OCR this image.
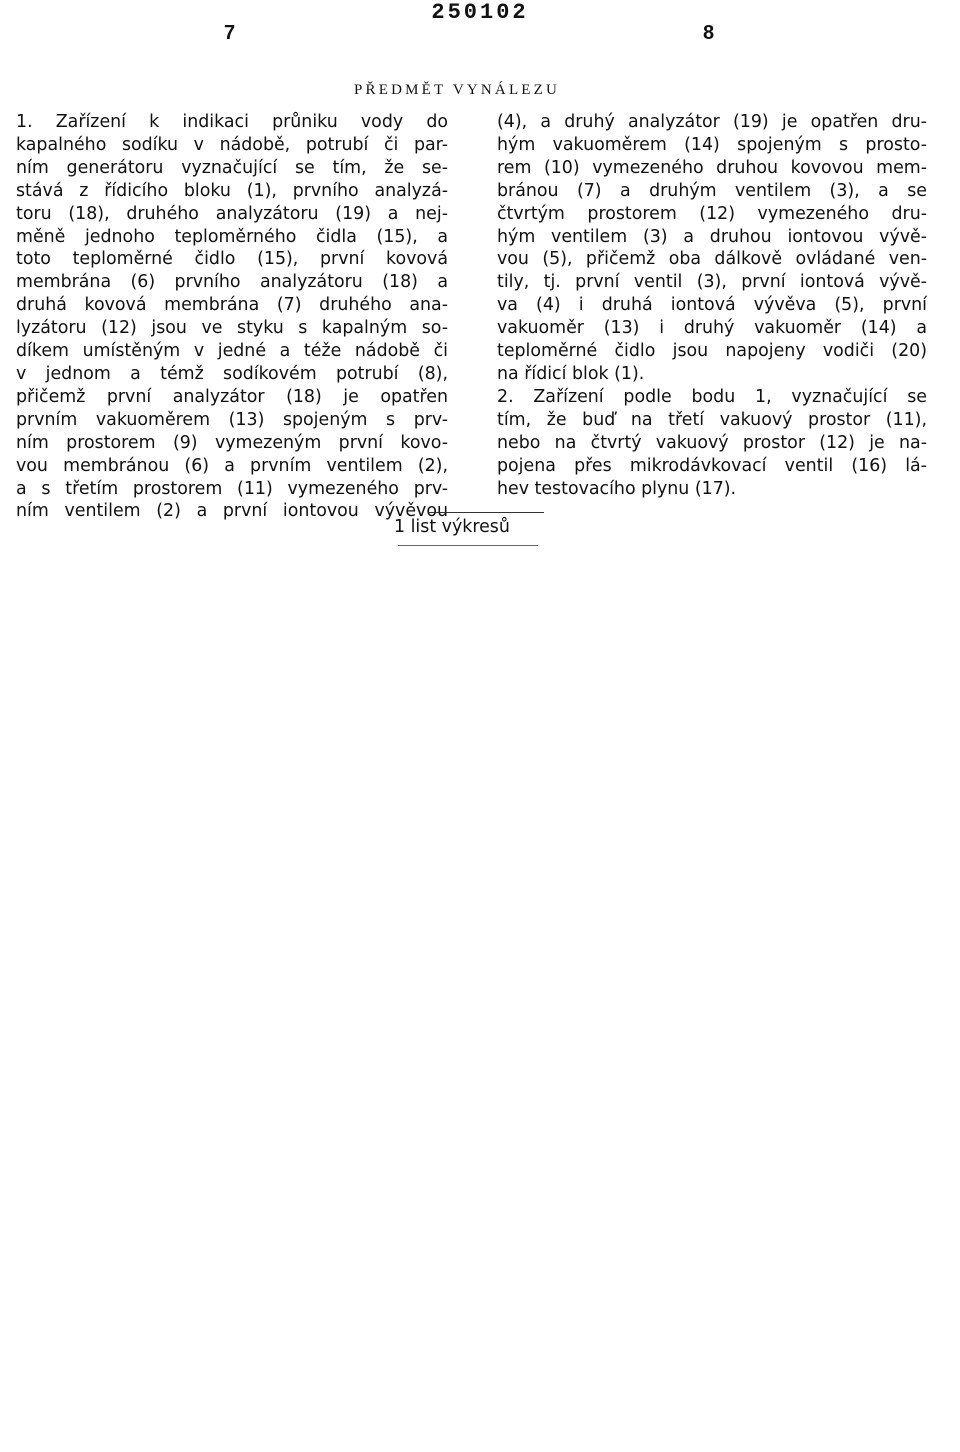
250102
7	8
PŘEDMĚT VYNÁLEZU
1. Zařízení k indikaci průniku vody do
kapalného sodíku v nádobě, potrubí či par-
ním generátoru vyznačující se tím, že se-
stává z řídicího bloku (1), prvního analyzá-
toru (18), druhého analyzátoru (19) a nej-
měně jednoho teploměrného čidla (15), a
toto teploměrné čidlo (15), první kovová
membrána (6) prvního analyzátoru (18) a
druhá kovová membrána (7) druhého ana-
lyzátoru (12) jsou ve styku s kapalným so-
díkem umístěným v jedné a téže nádobě či
v jednom a témž sodíkovém potrubí (8),
přičemž první analyzátor (18) je opatřen
prvním vakuoměrem (13) spojeným s prv-
ním prostorem (9) vymezeným první kovo-
vou membránou (6) a prvním ventilem (2),
a s třetím prostorem (11) vymezeného prv-
ním ventilem (2) a první iontovou vývěvou
(4), a druhý analyzátor (19) je opatřen dru-
hým vakuoměrem (14) spojeným s prosto-
rem (10) vymezeného druhou kovovou mem-
bránou (7) a druhým ventilem (3), a se
čtvrtým prostorem (12) vymezeného dru-
hým ventilem (3) a druhou iontovou vývě-
vou (5), přičemž oba dálkově ovládané ven-
tily, tj. první ventil (3), první iontová vývě-
va (4) i druhá iontová vývěva (5), první
vakuoměr (13) i druhý vakuoměr (14) a
teploměrné čidlo jsou napojeny vodiči (20)
na řídicí blok (1).
2. Zařízení podle bodu 1, vyznačující se
tím, že buď na třetí vakuový prostor (11),
nebo na čtvrtý vakuový prostor (12) je na-
pojena přes mikrodávkovací ventil (16) lá-
hev testovacího plynu (17).
1 list výkresů
